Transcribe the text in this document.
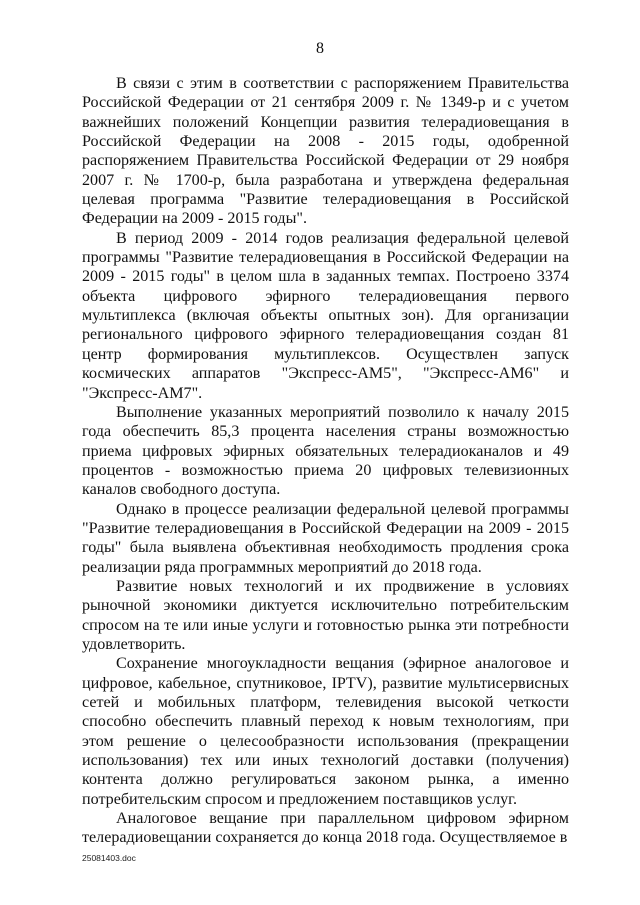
8

В связи с этим в соответствии с распоряжением Правительства Российской Федерации от 21 сентября 2009 г. № 1349-р и с учетом важнейших положений Концепции развития телерадиовещания в Российской Федерации на 2008 - 2015 годы, одобренной распоряжением Правительства Российской Федерации от 29 ноября 2007 г. № 1700-р, была разработана и утверждена федеральная целевая программа "Развитие телерадиовещания в Российской Федерации на 2009 - 2015 годы".

В период 2009 - 2014 годов реализация федеральной целевой программы "Развитие телерадиовещания в Российской Федерации на 2009 - 2015 годы" в целом шла в заданных темпах. Построено 3374 объекта цифрового эфирного телерадиовещания первого мультиплекса (включая объекты опытных зон). Для организации регионального цифрового эфирного телерадиовещания создан 81 центр формирования мультиплексов. Осуществлен запуск космических аппаратов "Экспресс-АМ5", "Экспресс-АМ6" и "Экспресс-АМ7".

Выполнение указанных мероприятий позволило к началу 2015 года обеспечить 85,3 процента населения страны возможностью приема цифровых эфирных обязательных телерадиоканалов и 49 процентов - возможностью приема 20 цифровых телевизионных каналов свободного доступа.

Однако в процессе реализации федеральной целевой программы "Развитие телерадиовещания в Российской Федерации на 2009 - 2015 годы" была выявлена объективная необходимость продления срока реализации ряда программных мероприятий до 2018 года.

Развитие новых технологий и их продвижение в условиях рыночной экономики диктуется исключительно потребительским спросом на те или иные услуги и готовностью рынка эти потребности удовлетворить.

Сохранение многоукладности вещания (эфирное аналоговое и цифровое, кабельное, спутниковое, IPTV), развитие мультисервисных сетей и мобильных платформ, телевидения высокой четкости способно обеспечить плавный переход к новым технологиям, при этом решение о целесообразности использования (прекращении использования) тех или иных технологий доставки (получения) контента должно регулироваться законом рынка, а именно потребительским спросом и предложением поставщиков услуг.

Аналоговое вещание при параллельном цифровом эфирном телерадиовещании сохраняется до конца 2018 года. Осуществляемое в

25081403.doc
